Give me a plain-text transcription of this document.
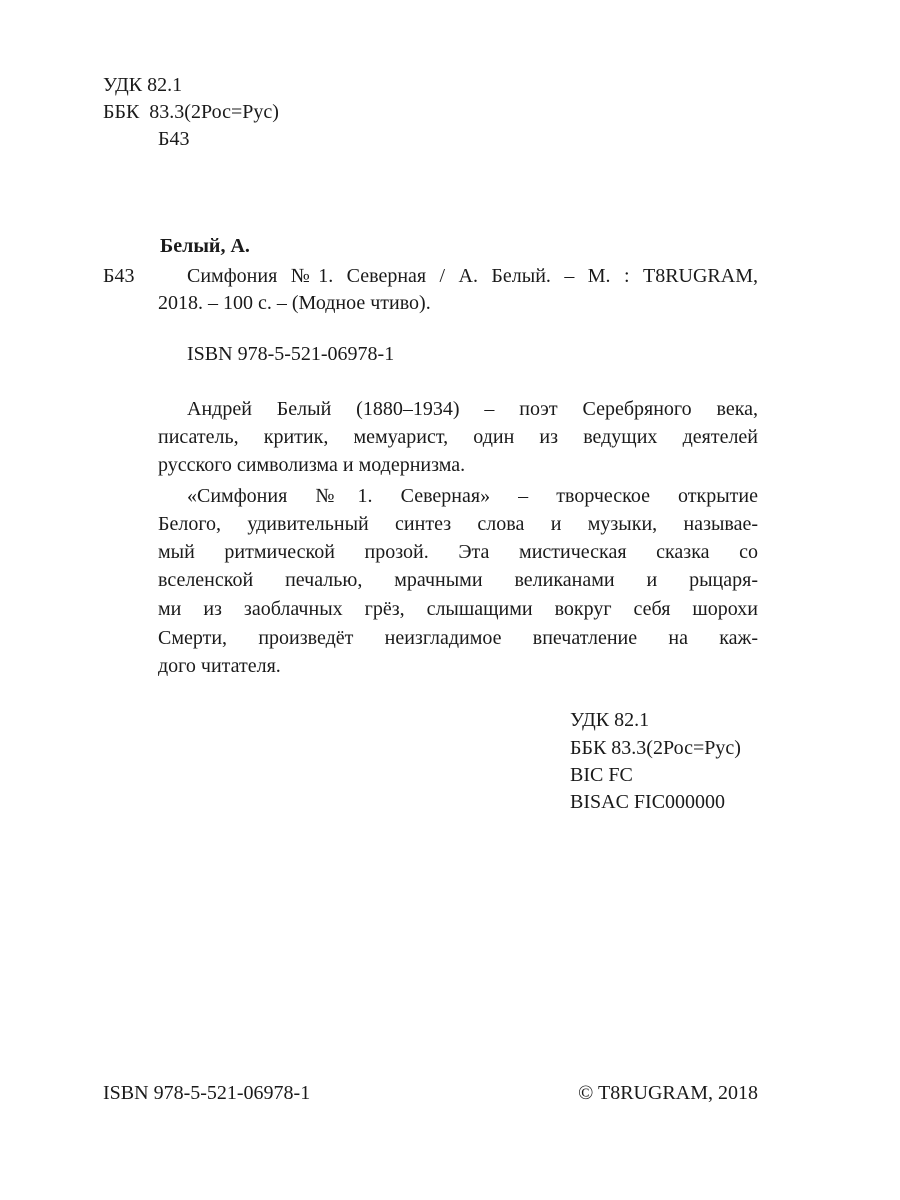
УДК 82.1
ББК  83.3(2Рос=Рус)
Б43
Белый, А.
Б43	Симфония №1. Северная / А. Белый. – М. : T8RUGRAM,
2018. – 100 с. – (Модное чтиво).
ISBN 978-5-521-06978-1
Андрей Белый (1880–1934) – поэт Серебряного века,
писатель, критик, мемуарист, один из ведущих деятелей
русского символизма и модернизма.
«Симфония №1. Северная» – творческое открытие
Белого, удивительный синтез слова и музыки, называе-
мый ритмической прозой. Эта мистическая сказка со
вселенской печалью, мрачными великанами и рыцаря-
ми из заоблачных грёз, слышащими вокруг себя шорохи
Смерти, произведёт неизгладимое впечатление на каж-
дого читателя.
УДК 82.1
ББК 83.3(2Рос=Рус)
BIC FC
BISAC FIC000000
ISBN 978-5-521-06978-1	© T8RUGRAM, 2018
